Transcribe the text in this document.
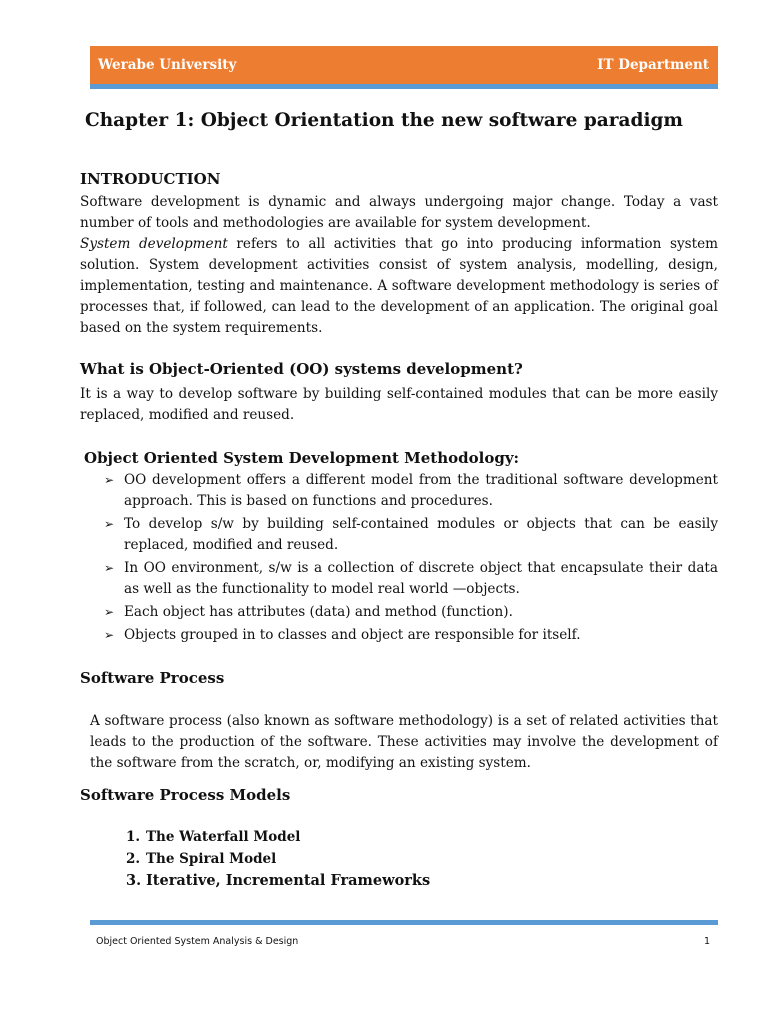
Werabe University	IT Department
Chapter 1: Object Orientation the new software paradigm
INTRODUCTION

Software development is dynamic and always undergoing major change. Today a vast number of tools and methodologies are available for system development.

System development refers to all activities that go into producing information system solution. System development activities consist of system analysis, modelling, design, implementation, testing and maintenance. A software development methodology is series of processes that, if followed, can lead to the development of an application. The original goal based on the system requirements.

What is Object-Oriented (OO) systems development?

It is a way to develop software by building self-contained modules that can be more easily replaced, modified and reused.

Object Oriented System Development Methodology:
➢ OO development offers a different model from the traditional software development approach. This is based on functions and procedures.
➢ To develop s/w by building self-contained modules or objects that can be easily replaced, modified and reused.
➢ In OO environment, s/w is a collection of discrete object that encapsulate their data as well as the functionality to model real world —objects.
➢ Each object has attributes (data) and method (function).
➢ Objects grouped in to classes and object are responsible for itself.
Software Process

A software process (also known as software methodology) is a set of related activities that leads to the production of the software. These activities may involve the development of the software from the scratch, or, modifying an existing system.

Software Process Models
1. The Waterfall Model
2. The Spiral Model
3. Iterative, Incremental Frameworks
Object Oriented System Analysis & Design	1
